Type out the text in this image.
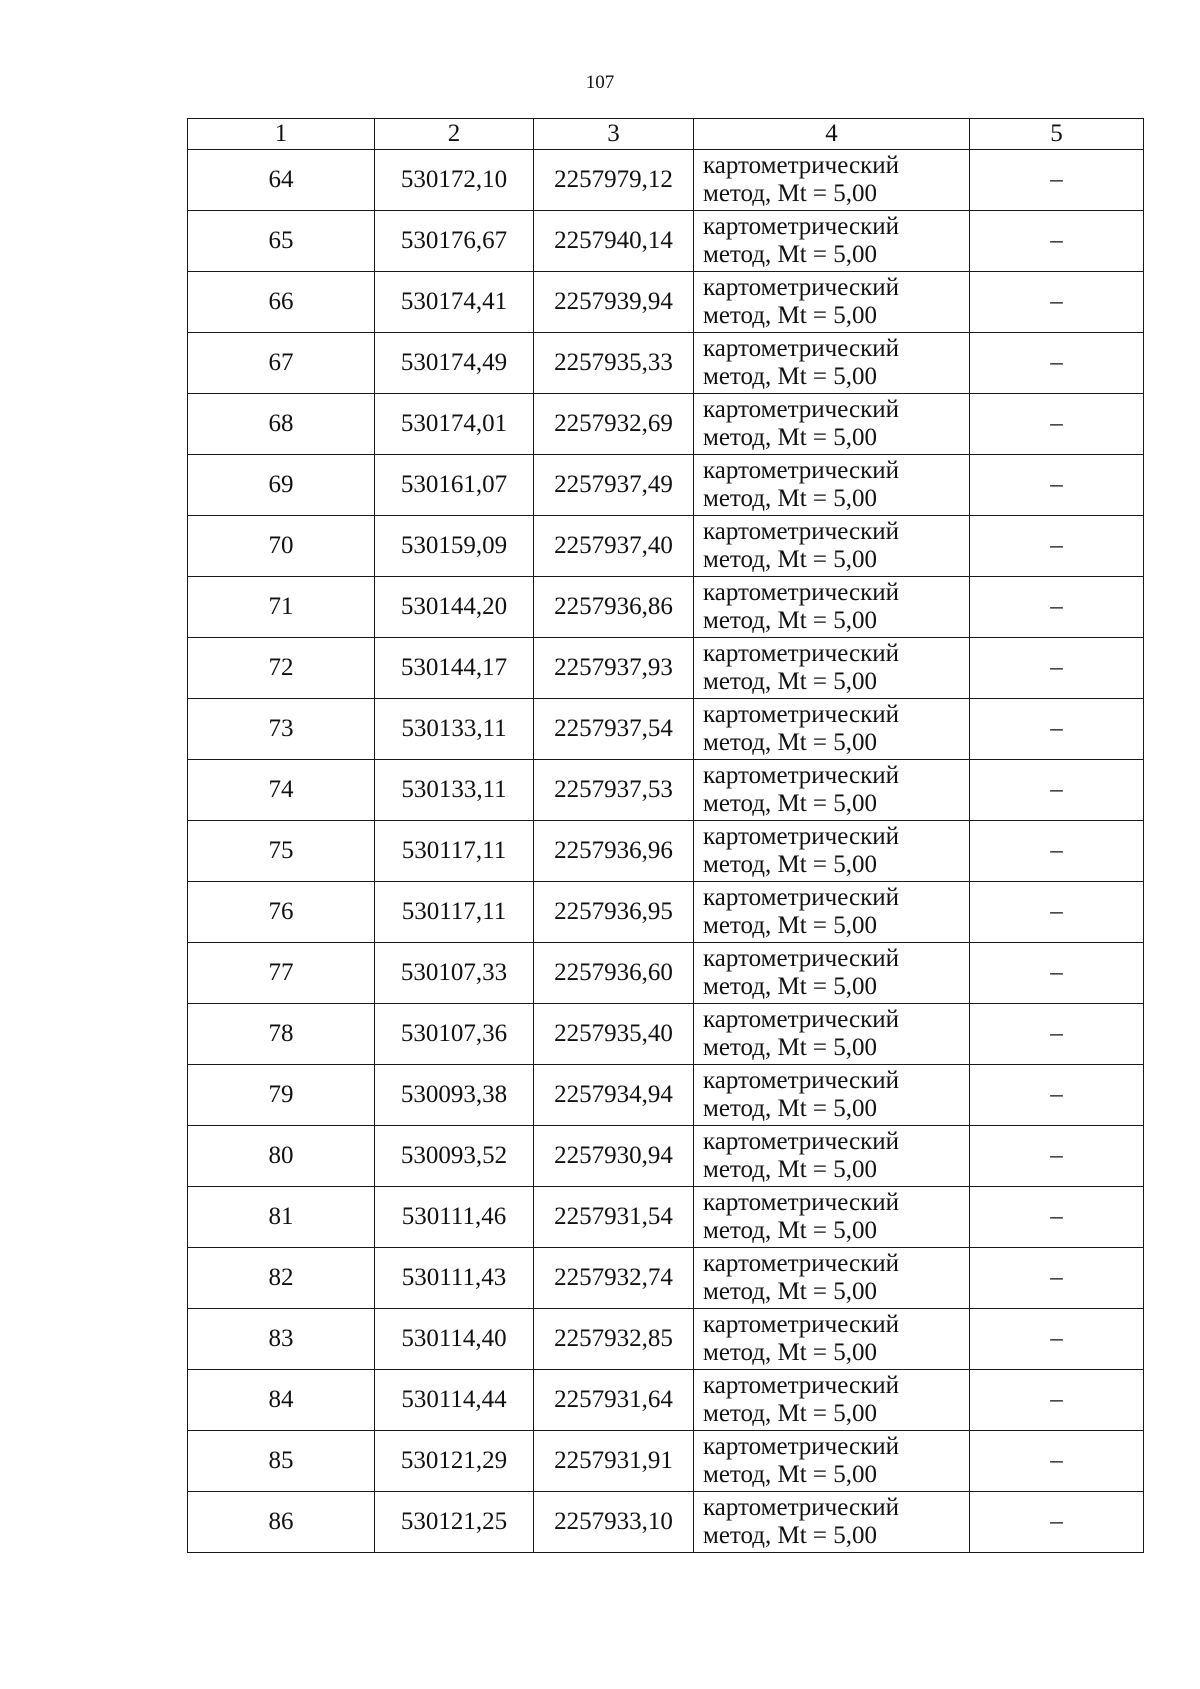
107
1	2	3	4	5
64	530172,10	2257979,12	картометрический
метод, Mt = 5,00	–
65	530176,67	2257940,14	картометрический
метод, Mt = 5,00	–
66	530174,41	2257939,94	картометрический
метод, Mt = 5,00	–
67	530174,49	2257935,33	картометрический
метод, Mt = 5,00	–
68	530174,01	2257932,69	картометрический
метод, Mt = 5,00	–
69	530161,07	2257937,49	картометрический
метод, Mt = 5,00	–
70	530159,09	2257937,40	картометрический
метод, Mt = 5,00	–
71	530144,20	2257936,86	картометрический
метод, Mt = 5,00	–
72	530144,17	2257937,93	картометрический
метод, Mt = 5,00	–
73	530133,11	2257937,54	картометрический
метод, Mt = 5,00	–
74	530133,11	2257937,53	картометрический
метод, Mt = 5,00	–
75	530117,11	2257936,96	картометрический
метод, Mt = 5,00	–
76	530117,11	2257936,95	картометрический
метод, Mt = 5,00	–
77	530107,33	2257936,60	картометрический
метод, Mt = 5,00	–
78	530107,36	2257935,40	картометрический
метод, Mt = 5,00	–
79	530093,38	2257934,94	картометрический
метод, Mt = 5,00	–
80	530093,52	2257930,94	картометрический
метод, Mt = 5,00	–
81	530111,46	2257931,54	картометрический
метод, Mt = 5,00	–
82	530111,43	2257932,74	картометрический
метод, Mt = 5,00	–
83	530114,40	2257932,85	картометрический
метод, Mt = 5,00	–
84	530114,44	2257931,64	картометрический
метод, Mt = 5,00	–
85	530121,29	2257931,91	картометрический
метод, Mt = 5,00	–
86	530121,25	2257933,10	картометрический
метод, Mt = 5,00	–
